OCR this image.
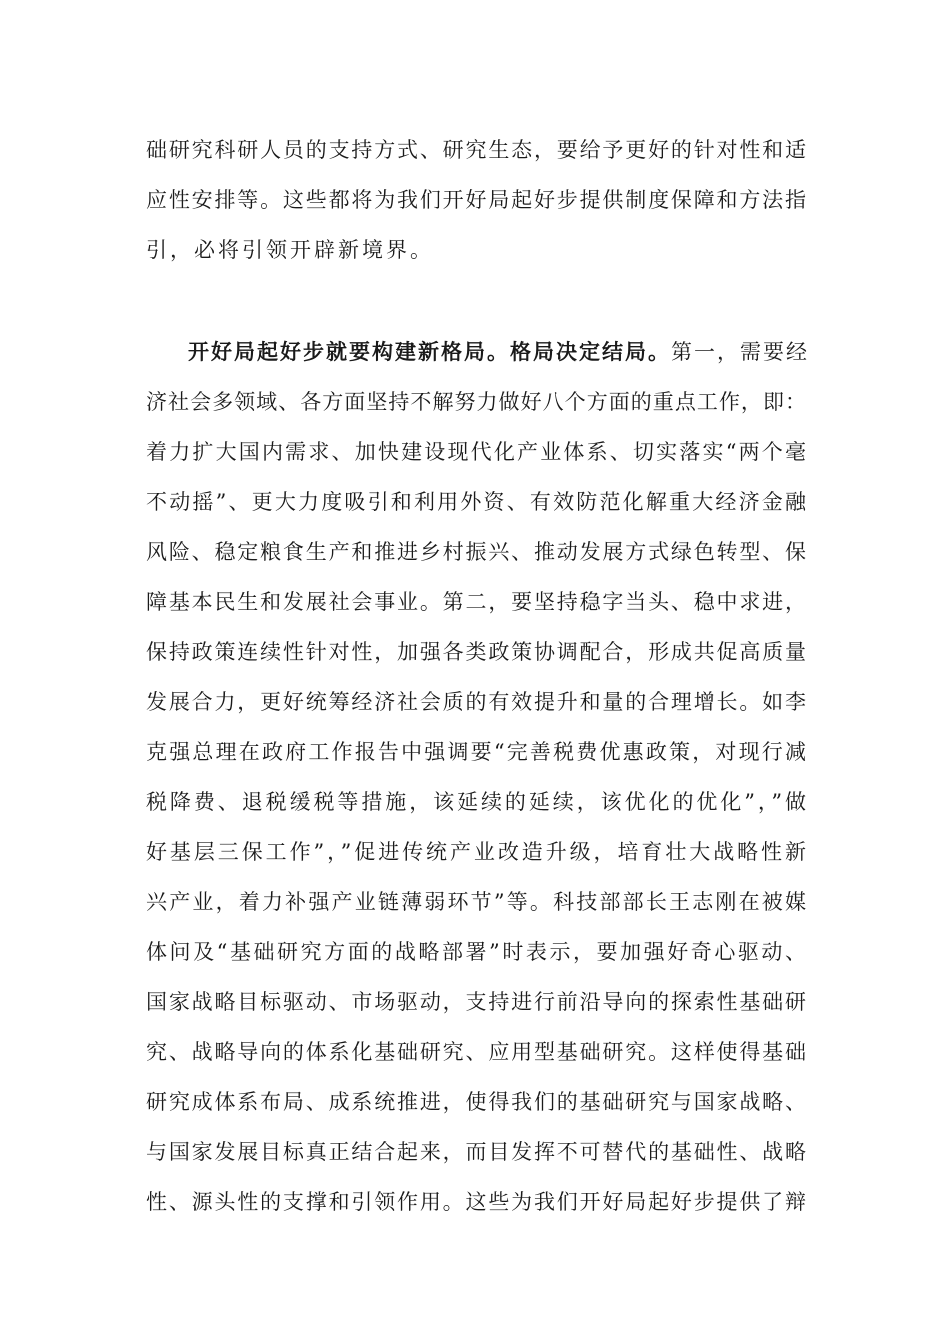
础研究科研人员的支持方式、研究生态，要给予更好的针对性和适
应性安排等。这些都将为我们开好局起好步提供制度保障和方法指
引，必将引领开辟新境界。
开好局起好步就要构建新格局。格局决定结局。 第一，需要经
济社会多领域、各方面坚持不解努力做好八个方面的重点工作，即：
着力扩大国内需求、加快建设现代化产业体系、切实落实“两个毫
不动摇”、更大力度吸引和利用外资、有效防范化解重大经济金融
风险、稳定粮食生产和推进乡村振兴、推动发展方式绿色转型、保
障基本民生和发展社会事业。第二，要坚持稳字当头、稳中求进，
保持政策连续性针对性，加强各类政策协调配合，形成共促高质量
发展合力，更好统筹经济社会质的有效提升和量的合理增长。如李
克强总理在政府工作报告中强调要“完善税费优惠政策，对现行减
税降费、退税缓税等措施，该延续的延续，该优化的优化”，”做
好基层三保工作”，”促进传统产业改造升级，培育壮大战略性新
兴产业，着力补强产业链薄弱环节”等。科技部部长王志刚在被媒
体问及“基础研究方面的战略部署”时表示，要加强好奇心驱动、
国家战略目标驱动、市场驱动，支持进行前沿导向的探索性基础研
究、战略导向的体系化基础研究、应用型基础研究。这样使得基础
研究成体系布局、成系统推进，使得我们的基础研究与国家战略、
与国家发展目标真正结合起来，而目发挥不可替代的基础性、战略
性、源头性的支撑和引领作用。这些为我们开好局起好步提供了辩
